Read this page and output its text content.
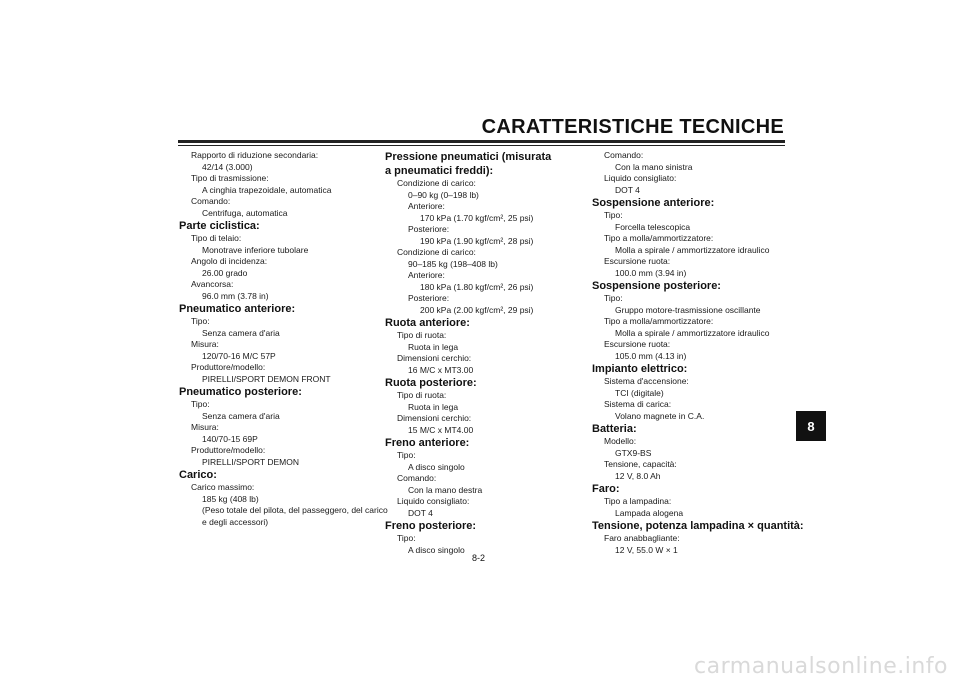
CARATTERISTICHE TECNICHE
Rapporto di riduzione secondaria:
42/14 (3.000)
Tipo di trasmissione:
A cinghia trapezoidale, automatica
Comando:
Centrifuga, automatica
Parte ciclistica:
Tipo di telaio:
Monotrave inferiore tubolare
Angolo di incidenza:
26.00 grado
Avancorsa:
96.0 mm (3.78 in)
Pneumatico anteriore:
Tipo:
Senza camera d'aria
Misura:
120/70-16 M/C 57P
Produttore/modello:
PIRELLI/SPORT DEMON FRONT
Pneumatico posteriore:
Tipo:
Senza camera d'aria
Misura:
140/70-15 69P
Produttore/modello:
PIRELLI/SPORT DEMON
Carico:
Carico massimo:
185 kg (408 lb)
(Peso totale del pilota, del passeggero, del carico e degli accessori)
Pressione pneumatici (misurata a pneumatici freddi):
Condizione di carico:
0–90 kg (0–198 lb)
Anteriore:
170 kPa (1.70 kgf/cm², 25 psi)
Posteriore:
190 kPa (1.90 kgf/cm², 28 psi)
Condizione di carico:
90–185 kg (198–408 lb)
Anteriore:
180 kPa (1.80 kgf/cm², 26 psi)
Posteriore:
200 kPa (2.00 kgf/cm², 29 psi)
Ruota anteriore:
Tipo di ruota:
Ruota in lega
Dimensioni cerchio:
16 M/C x MT3.00
Ruota posteriore:
Tipo di ruota:
Ruota in lega
Dimensioni cerchio:
15 M/C x MT4.00
Freno anteriore:
Tipo:
A disco singolo
Comando:
Con la mano destra
Liquido consigliato:
DOT 4
Freno posteriore:
Tipo:
A disco singolo
Comando:
Con la mano sinistra
Liquido consigliato:
DOT 4
Sospensione anteriore:
Tipo:
Forcella telescopica
Tipo a molla/ammortizzatore:
Molla a spirale / ammortizzatore idraulico
Escursione ruota:
100.0 mm (3.94 in)
Sospensione posteriore:
Tipo:
Gruppo motore-trasmissione oscillante
Tipo a molla/ammortizzatore:
Molla a spirale / ammortizzatore idraulico
Escursione ruota:
105.0 mm (4.13 in)
Impianto elettrico:
Sistema d'accensione:
TCI (digitale)
Sistema di carica:
Volano magnete in C.A.
Batteria:
Modello:
GTX9-BS
Tensione, capacità:
12 V, 8.0 Ah
Faro:
Tipo a lampadina:
Lampada alogena
Tensione, potenza lampadina × quantità:
Faro anabbagliante:
12 V, 55.0 W × 1
8-2
8
carmanualsonline.info
